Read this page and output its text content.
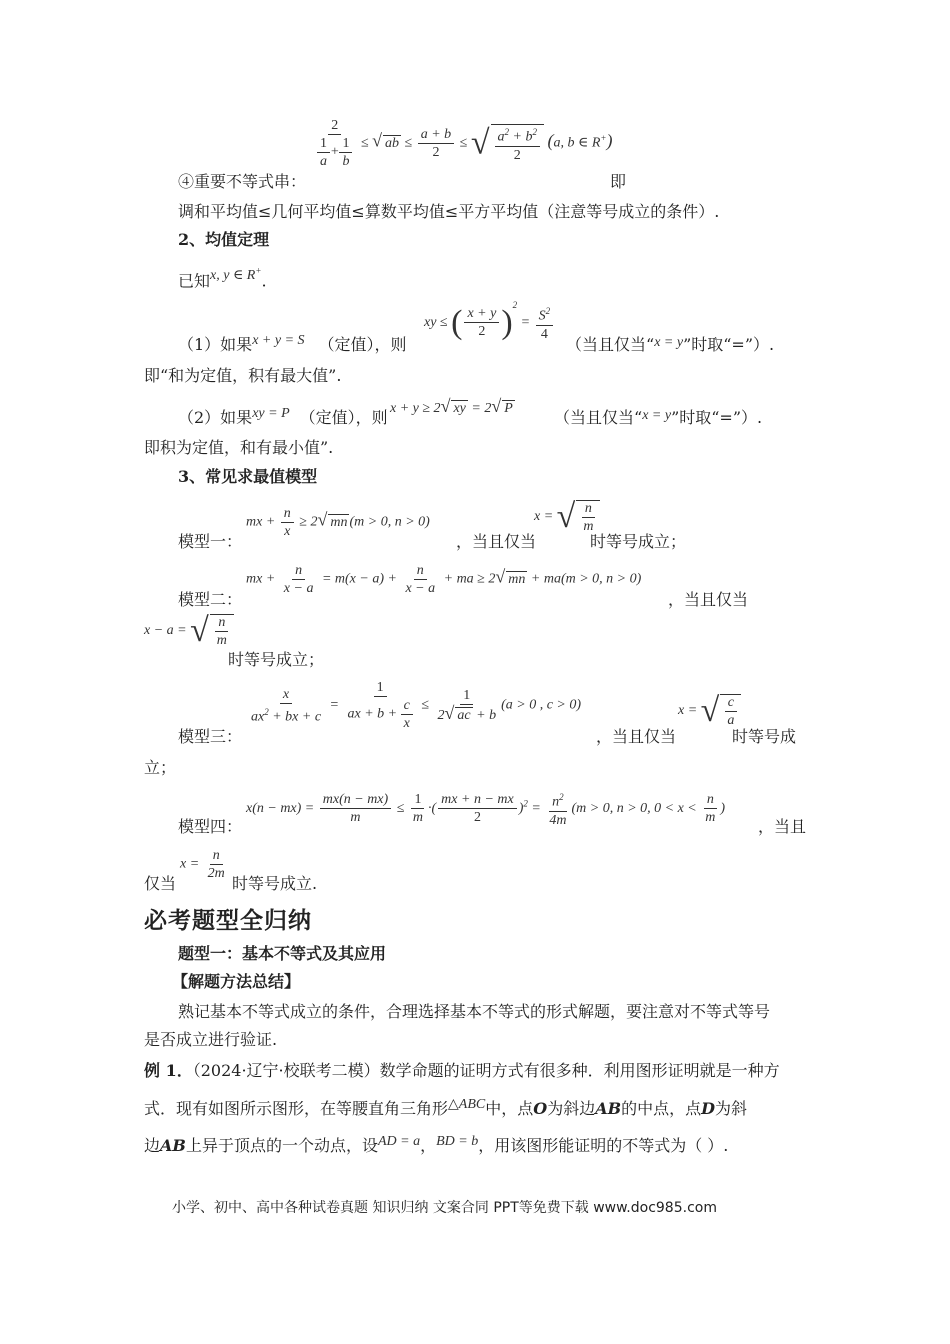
$\frac{2}{\frac{1}{a} + \frac{1}{b}}$ ≤ √ ab ≤ $\frac{a + b}{2}$ ≤ √ $\frac{a^2 + b^2}{2} (a$, b ∈ R+)
④重要不等式串：	即
调和平均值≤几何平均值≤算数平均值≤平方平均值（注意等号成立的条件）.
2、均值定理
已知x, y ∈ R+.
（1）如果x + y = S （定值），则
xy ≤ ( $\frac{x + y}{2} )^2 = \frac{S^2}{4}$
（当且仅当“x = y”时取“=”）.
即“和为定值，积有最大值”.
（2）如果xy = P （定值），则 x + y ≥ 2√ xy = 2√ P	（当且仅当“x = y”时取“=”）.
即积为定值，和有最小值”.
3、常见求最值模型
mx + $\frac{n}{x} \ge 2√$ mn (m > 0, n > 0)
模型一：	，当且仅当
x = √ $\frac{n}{m}$
时等号成立；
mx + $\frac{n}{x - a} = m(x - a) + \frac{n}{x - a}$ + ma ≥ 2√ mn + ma(m > 0, n > 0)
模型二：	，当且仅当
x − a = √ $\frac{n}{m}$
时等号成立；
$\frac{x}{ax^2 + bx + c} = \frac{1}{ax + b + \frac{c}{x}} \le \frac{1}{2√ ac + b} (a > 0$ , c > 0)
模型三：	，当且仅当
x = √ $\frac{c}{a}$
时等号成
立；
$x(n - mx) = \frac{mx(n - mx)}{m} \le \frac{1}{m}$ ·( $\frac{mx + n - mx}{2} )^2 = \frac{n^2}{4m} (m > 0$, n > 0, $0 < x < \frac{n}{m}$ )
模型四：	，当且
$x = \frac{n}{2m}$
仅当	时等号成立.
必考题型全归纳
题型一：基本不等式及其应用
【解题方法总结】
熟记基本不等式成立的条件，合理选择基本不等式的形式解题，要注意对不等式等号
是否成立进行验证.
例 1．（2024·辽宁·校联考二模）数学命题的证明方式有很多种．利用图形证明就是一种方
式．现有如图所示图形，在等腰直角三角形△ABC中，点O为斜边AB的中点，点D为斜
边AB上异于顶点的一个动点，设AD = a，BD = b，用该图形能证明的不等式为（ ）.
小学、初中、高中各种试卷真题 知识归纳 文案合同 PPT等免费下载 www.doc985.com
